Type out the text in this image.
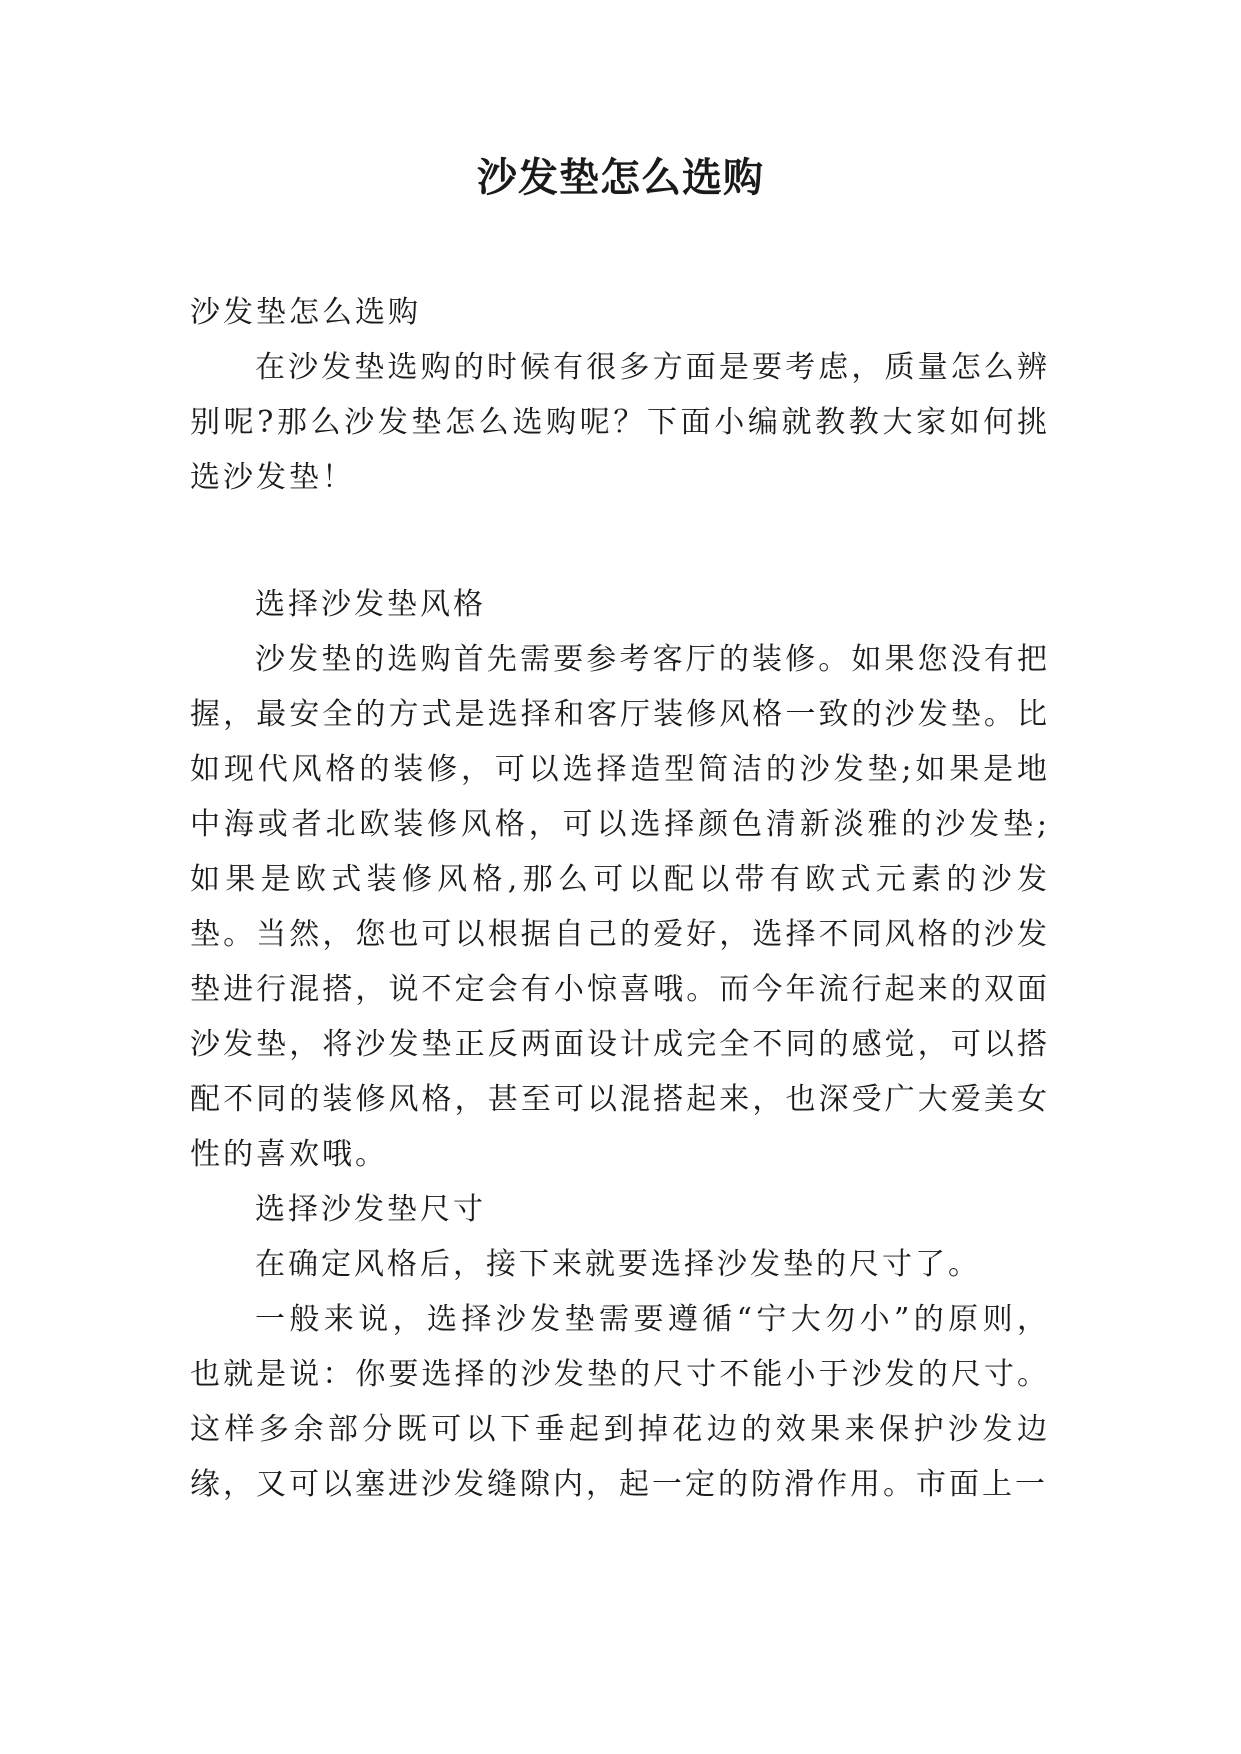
沙发垫怎么选购

沙发垫怎么选购

在沙发垫选购的时候有很多方面是要考虑，质量怎么辨别呢?那么沙发垫怎么选购呢？下面小编就教教大家如何挑选沙发垫！

选择沙发垫风格

沙发垫的选购首先需要参考客厅的装修。如果您没有把握，最安全的方式是选择和客厅装修风格一致的沙发垫。比如现代风格的装修，可以选择造型简洁的沙发垫;如果是地中海或者北欧装修风格，可以选择颜色清新淡雅的沙发垫;如果是欧式装修风格,那么可以配以带有欧式元素的沙发垫。当然，您也可以根据自己的爱好，选择不同风格的沙发垫进行混搭，说不定会有小惊喜哦。而今年流行起来的双面沙发垫，将沙发垫正反两面设计成完全不同的感觉，可以搭配不同的装修风格，甚至可以混搭起来，也深受广大爱美女性的喜欢哦。

选择沙发垫尺寸

在确定风格后，接下来就要选择沙发垫的尺寸了。

一般来说，选择沙发垫需要遵循“宁大勿小”的原则，也就是说：你要选择的沙发垫的尺寸不能小于沙发的尺寸。这样多余部分既可以下垂起到掉花边的效果来保护沙发边缘，又可以塞进沙发缝隙内，起一定的防滑作用。市面上一
